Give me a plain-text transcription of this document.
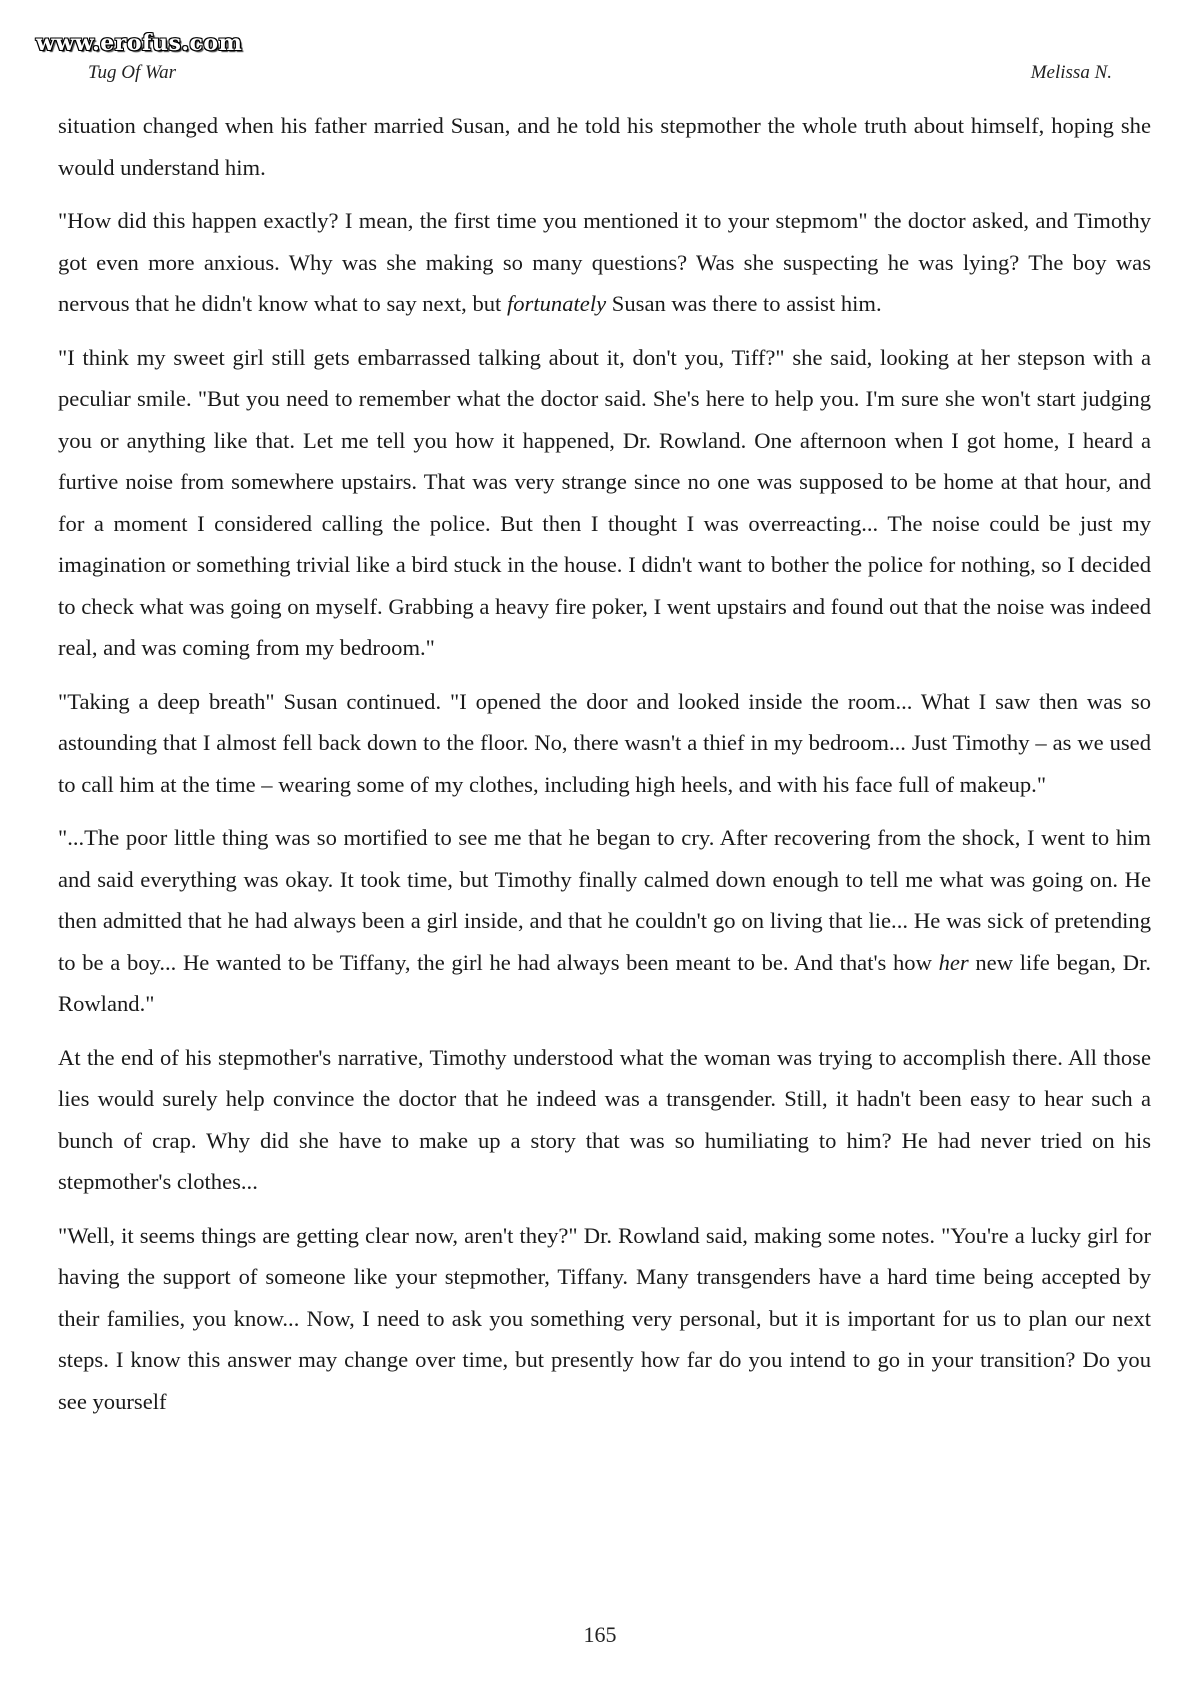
www.erofus.com
Tug Of War	Melissa N.

situation changed when his father married Susan, and he told his stepmother the whole truth about himself, hoping she would understand him.

"How did this happen exactly? I mean, the first time you mentioned it to your stepmom" the doctor asked, and Timothy got even more anxious. Why was she making so many questions? Was she suspecting he was lying? The boy was nervous that he didn't know what to say next, but fortunately Susan was there to assist him.

"I think my sweet girl still gets embarrassed talking about it, don't you, Tiff?" she said, looking at her stepson with a peculiar smile. "But you need to remember what the doctor said. She's here to help you. I'm sure she won't start judging you or anything like that. Let me tell you how it happened, Dr. Rowland. One afternoon when I got home, I heard a furtive noise from somewhere upstairs. That was very strange since no one was supposed to be home at that hour, and for a moment I considered calling the police. But then I thought I was overreacting... The noise could be just my imagination or something trivial like a bird stuck in the house. I didn't want to bother the police for nothing, so I decided to check what was going on myself. Grabbing a heavy fire poker, I went upstairs and found out that the noise was indeed real, and was coming from my bedroom."

"Taking a deep breath" Susan continued. "I opened the door and looked inside the room... What I saw then was so astounding that I almost fell back down to the floor. No, there wasn't a thief in my bedroom... Just Timothy – as we used to call him at the time – wearing some of my clothes, including high heels, and with his face full of makeup."

"...The poor little thing was so mortified to see me that he began to cry. After recovering from the shock, I went to him and said everything was okay. It took time, but Timothy finally calmed down enough to tell me what was going on. He then admitted that he had always been a girl inside, and that he couldn't go on living that lie... He was sick of pretending to be a boy... He wanted to be Tiffany, the girl he had always been meant to be. And that's how her new life began, Dr. Rowland."

At the end of his stepmother's narrative, Timothy understood what the woman was trying to accomplish there. All those lies would surely help convince the doctor that he indeed was a transgender. Still, it hadn't been easy to hear such a bunch of crap. Why did she have to make up a story that was so humiliating to him? He had never tried on his stepmother's clothes...

"Well, it seems things are getting clear now, aren't they?" Dr. Rowland said, making some notes. "You're a lucky girl for having the support of someone like your stepmother, Tiffany. Many transgenders have a hard time being accepted by their families, you know... Now, I need to ask you something very personal, but it is important for us to plan our next steps. I know this answer may change over time, but presently how far do you intend to go in your transition? Do you see yourself

165
